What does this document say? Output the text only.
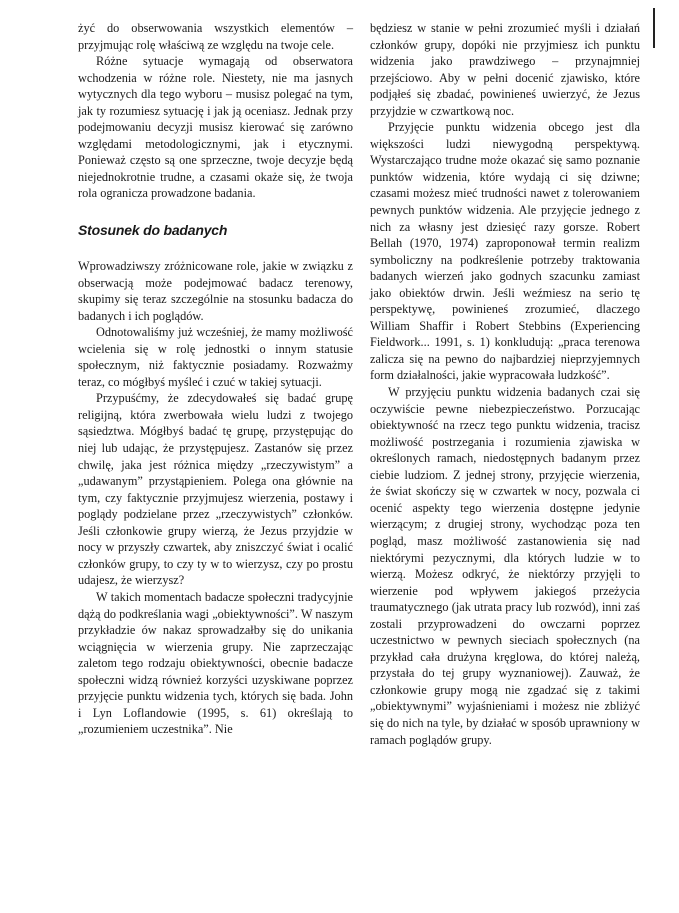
żyć do obserwowania wszystkich elementów – przyjmując rolę właściwą ze względu na twoje cele.

Różne sytuacje wymagają od obserwatora wchodzenia w różne role. Niestety, nie ma jasnych wytycznych dla tego wyboru – musisz polegać na tym, jak ty rozumiesz sytuację i jak ją oceniasz. Jednak przy podejmowaniu decyzji musisz kierować się zarówno względami metodologicznymi, jak i etycznymi. Ponieważ często są one sprzeczne, twoje decyzje będą niejednokrotnie trudne, a czasami okaże się, że twoja rola ogranicza prowadzone badania.

Stosunek do badanych

Wprowadziwszy zróżnicowane role, jakie w związku z obserwacją może podejmować badacz terenowy, skupimy się teraz szczególnie na stosunku badacza do badanych i ich poglądów.

Odnotowaliśmy już wcześniej, że mamy możliwość wcielenia się w rolę jednostki o innym statusie społecznym, niż faktycznie posiadamy. Rozważmy teraz, co mógłbyś myśleć i czuć w takiej sytuacji.

Przypuśćmy, że zdecydowałeś się badać grupę religijną, która zwerbowała wielu ludzi z twojego sąsiedztwa. Mógłbyś badać tę grupę, przystępując do niej lub udając, że przystępujesz. Zastanów się przez chwilę, jaka jest różnica między „rzeczywistym” a „udawanym” przystąpieniem. Polega ona głównie na tym, czy faktycznie przyjmujesz wierzenia, postawy i poglądy podzielane przez „rzeczywistych” członków. Jeśli członkowie grupy wierzą, że Jezus przyjdzie w nocy w przyszły czwartek, aby zniszczyć świat i ocalić członków grupy, to czy ty w to wierzysz, czy po prostu udajesz, że wierzysz?

W takich momentach badacze społeczni tradycyjnie dążą do podkreślania wagi „obiektywności”. W naszym przykładzie ów nakaz sprowadzałby się do unikania wciągnięcia w wierzenia grupy. Nie zaprzeczając zaletom tego rodzaju obiektywności, obecnie badacze społeczni widzą również korzyści uzyskiwane poprzez przyjęcie punktu widzenia tych, których się bada. John i Lyn Loflandowie (1995, s. 61) określają to „rozumieniem uczestnika”. Nie

będziesz w stanie w pełni zrozumieć myśli i działań członków grupy, dopóki nie przyjmiesz ich punktu widzenia jako prawdziwego – przynajmniej przejściowo. Aby w pełni docenić zjawisko, które podjąłeś się zbadać, powinieneś uwierzyć, że Jezus przyjdzie w czwartkową noc.

Przyjęcie punktu widzenia obcego jest dla większości ludzi niewygodną perspektywą. Wystarczająco trudne może okazać się samo poznanie punktów widzenia, które wydają ci się dziwne; czasami możesz mieć trudności nawet z tolerowaniem pewnych punktów widzenia. Ale przyjęcie jednego z nich za własny jest dziesięć razy gorsze. Robert Bellah (1970, 1974) zaproponował termin realizm symboliczny na podkreślenie potrzeby traktowania badanych wierzeń jako godnych szacunku zamiast jako obiektów drwin. Jeśli weźmiesz na serio tę perspektywę, powinieneś zrozumieć, dlaczego William Shaffir i Robert Stebbins (Experiencing Fieldwork... 1991, s. 1) konkludują: „praca terenowa zalicza się na pewno do najbardziej nieprzyjemnych form działalności, jakie wypracowała ludzkość”.

W przyjęciu punktu widzenia badanych czai się oczywiście pewne niebezpieczeństwo. Porzucając obiektywność na rzecz tego punktu widzenia, tracisz możliwość postrzegania i rozumienia zjawiska w określonych ramach, niedostępnych badanym przez ciebie ludziom. Z jednej strony, przyjęcie wierzenia, że świat skończy się w czwartek w nocy, pozwala ci ocenić aspekty tego wierzenia dostępne jedynie wierzącym; z drugiej strony, wychodząc poza ten pogląd, masz możliwość zastanowienia się nad niektórymi pezycznymi, dla których ludzie w to wierzą. Możesz odkryć, że niektórzy przyjęli to wierzenie pod wpływem jakiegoś przeżycia traumatycznego (jak utrata pracy lub rozwód), inni zaś zostali przyprowadzeni do owczarni poprzez uczestnictwo w pewnych sieciach społecznych (na przykład cała drużyna kręglowa, do której należą, przystała do tej grupy wyznaniowej). Zauważ, że członkowie grupy mogą nie zgadzać się z takimi „obiektywnymi” wyjaśnieniami i możesz nie zbliżyć się do nich na tyle, by działać w sposób uprawniony w ramach poglądów grupy.
